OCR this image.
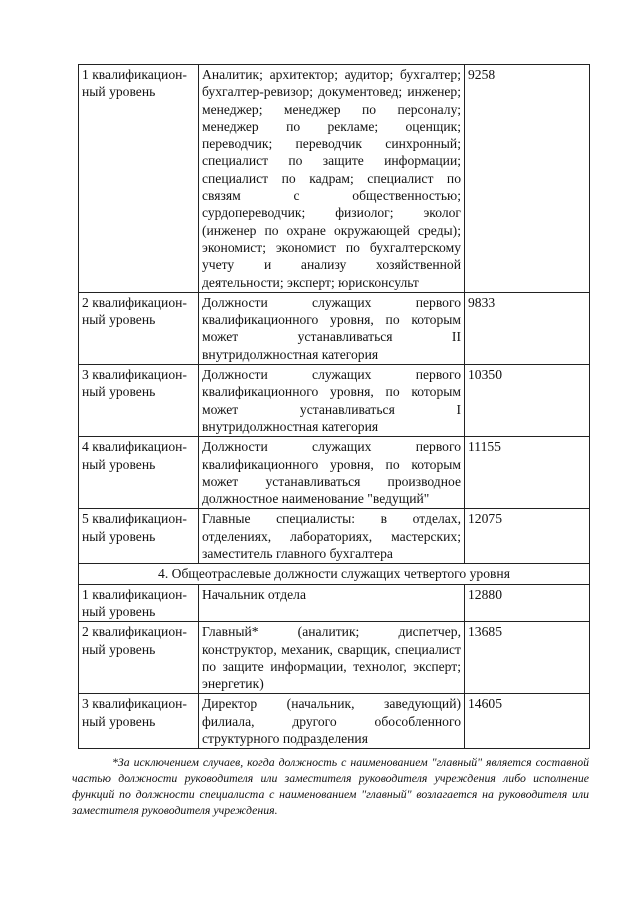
1 квалификацион-ный уровень	Аналитик; архитектор; аудитор; бухгалтер; бухгалтер-ревизор; документовед; инженер; менеджер; менеджер по персоналу; менеджер по рекламе; оценщик; переводчик; переводчик синхронный; специалист по защите информации; специалист по кадрам; специалист по связям с общественностью; сурдопереводчик; физиолог; эколог (инженер по охране окружающей среды); экономист; экономист по бухгалтерскому учету и анализу хозяйственной деятельности; эксперт; юрисконсульт	9258
2 квалификацион-ный уровень	Должности служащих первого квалификационного уровня, по которым может устанавливаться II внутридолжностная категория	9833
3 квалификацион-ный уровень	Должности служащих первого квалификационного уровня, по которым может устанавливаться I внутридолжностная категория	10350
4 квалификацион-ный уровень	Должности служащих первого квалификационного уровня, по которым может устанавливаться производное должностное наименование "ведущий"	11155
5 квалификацион-ный уровень	Главные специалисты: в отделах, отделениях, лабораториях, мастерских; заместитель главного бухгалтера	12075
4. Общеотраслевые должности служащих четвертого уровня		
1 квалификацион-ный уровень	Начальник отдела	12880
2 квалификацион-ный уровень	Главный* (аналитик; диспетчер, конструктор, механик, сварщик, специалист по защите информации, технолог, эксперт; энергетик)	13685
3 квалификацион-ный уровень	Директор (начальник, заведующий) филиала, другого обособленного структурного подразделения	14605

*За исключением случаев, когда должность с наименованием "главный" является составной частью должности руководителя или заместителя руководителя учреждения либо исполнение функций по должности специалиста с наименованием "главный" возлагается на руководителя или заместителя руководителя учреждения.
